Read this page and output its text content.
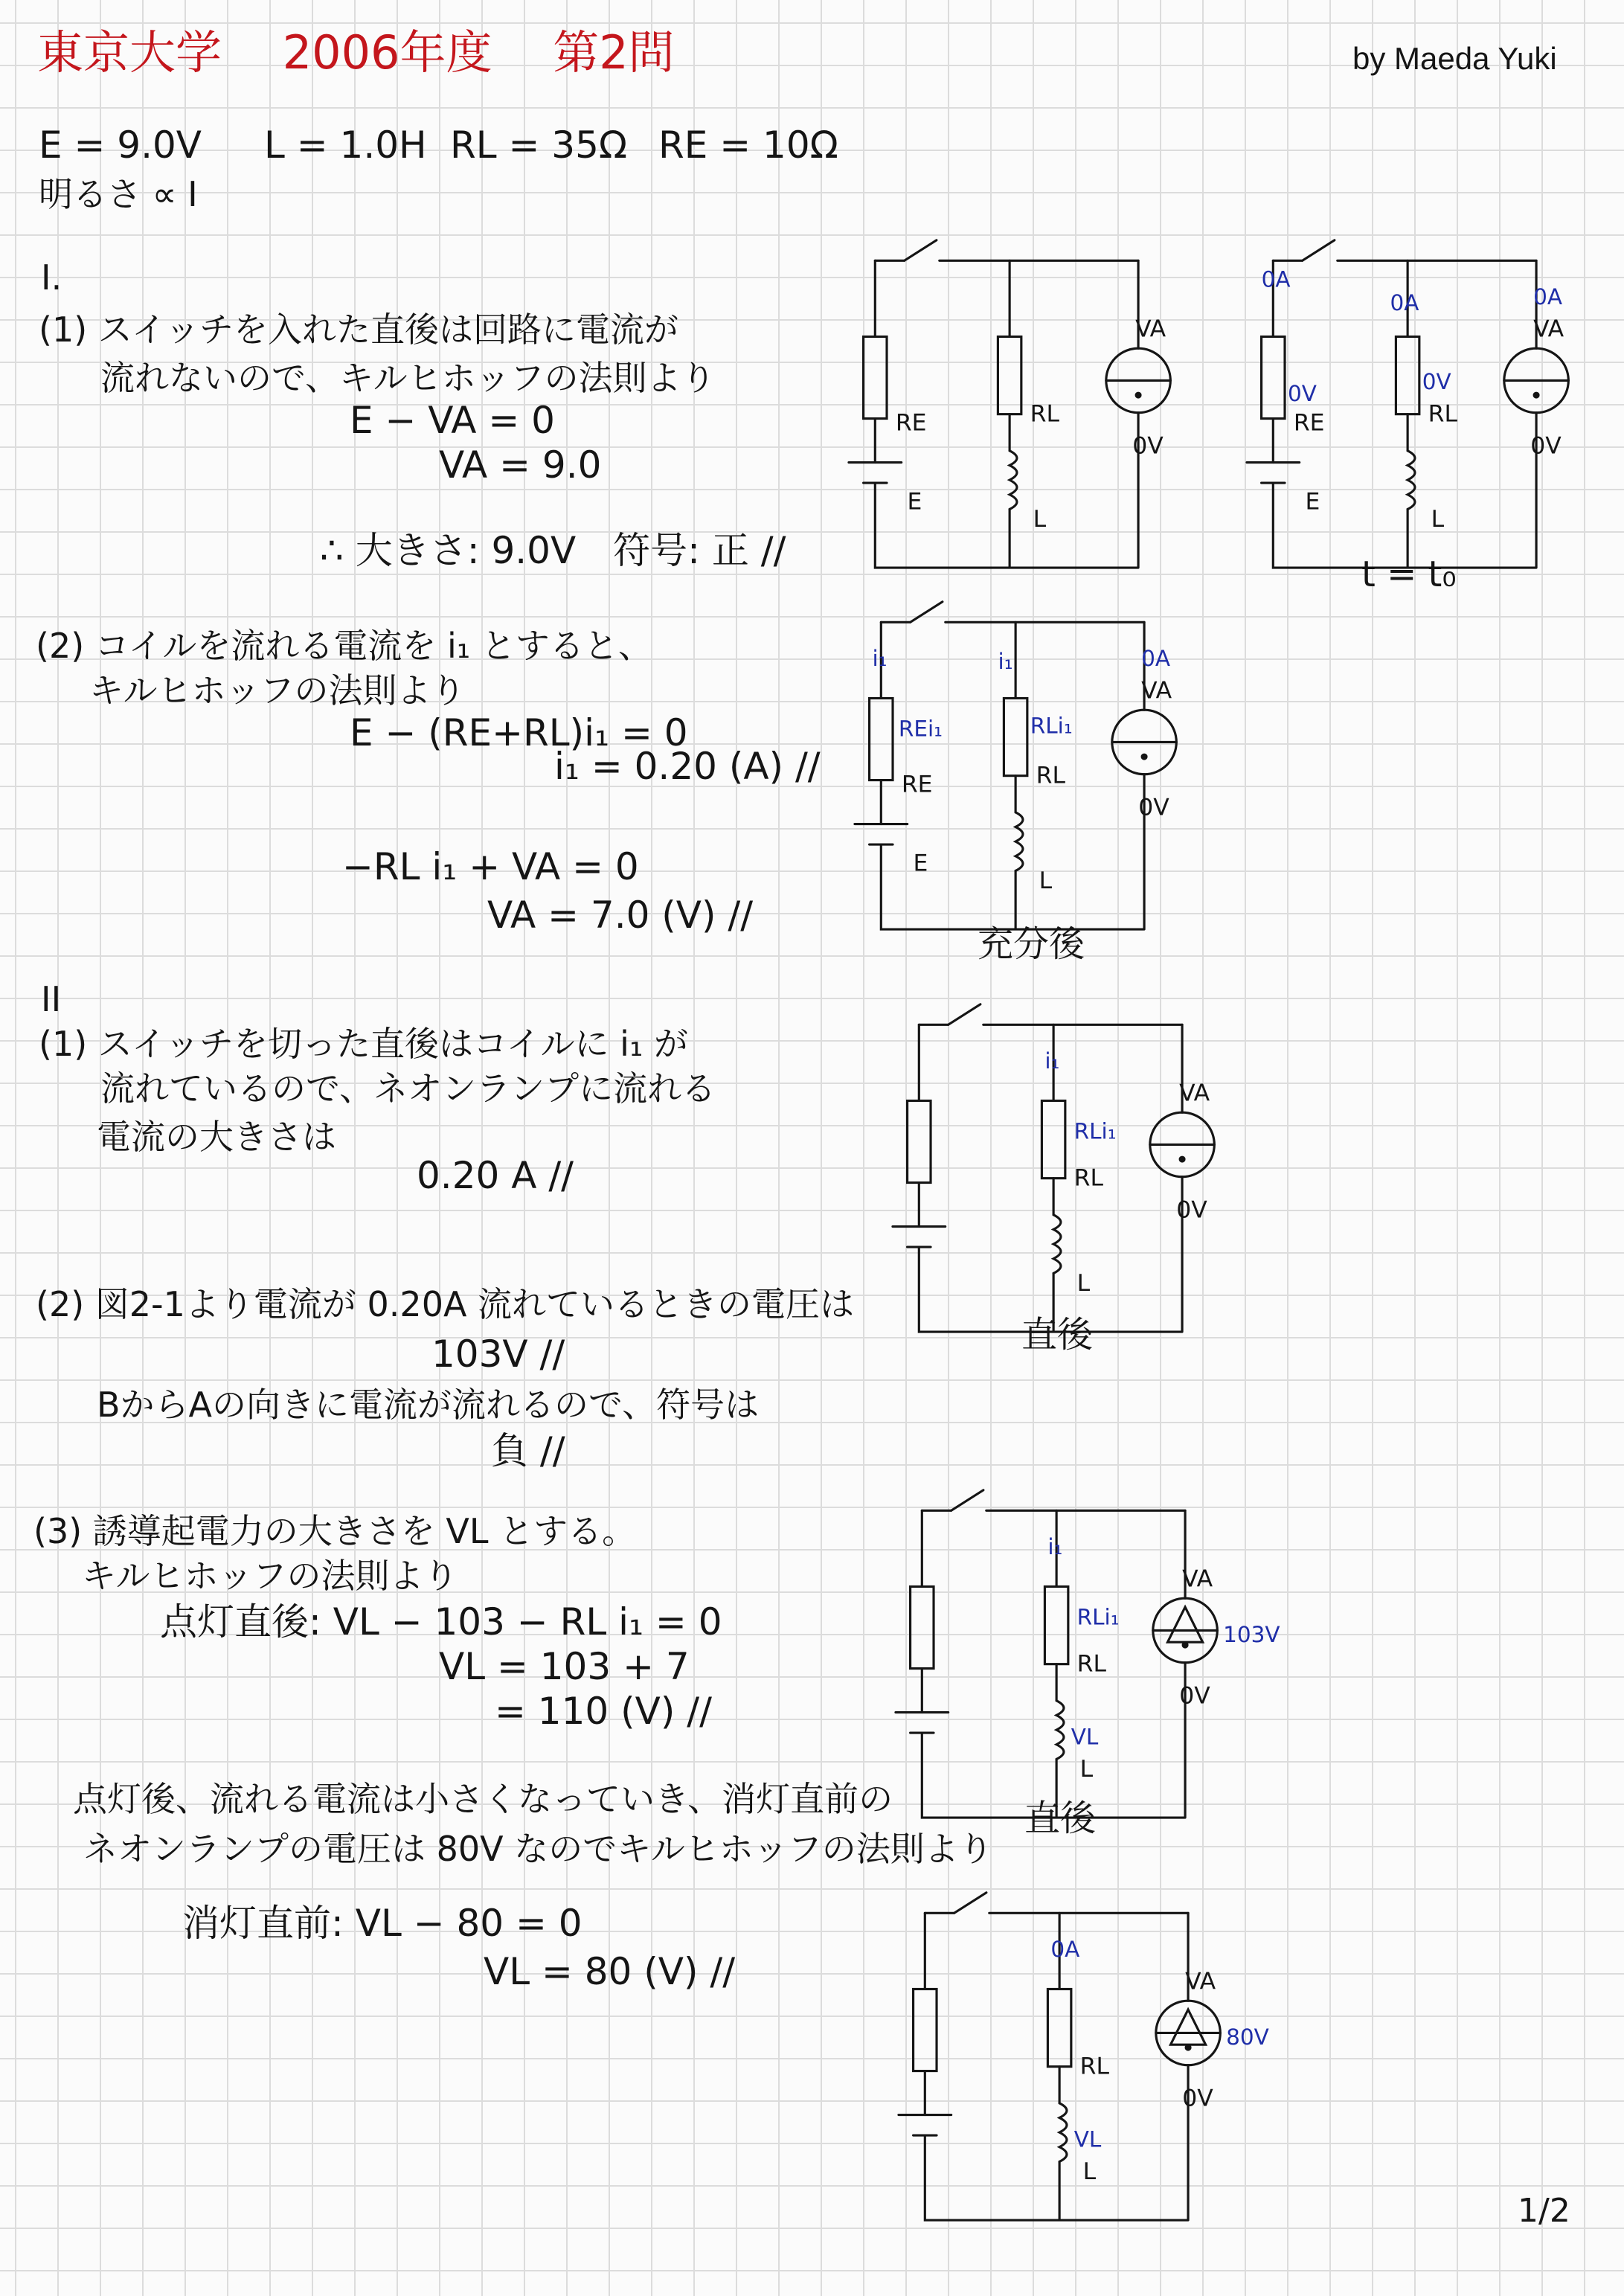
東京大学　 2006年度　 第2問	by Maeda Yuki
E = 9.0V L = 1.0H RL = 35Ω RE = 10Ω
明るさ ∝ I
I.
(1) スイッチを入れた直後は回路に電流が
流れないので、キルヒホッフの法則より
E − VA = 0
VA = 9.0
∴ 大きさ: 9.0V　符号: 正 //
(2) コイルを流れる電流を i₁ とすると、
キルヒホッフの法則より
E − (RE+RL)i₁ = 0
i₁ = 0.20 (A) //
−RL i₁ + VA = 0
VA = 7.0 (V) //
II
(1) スイッチを切った直後はコイルに i₁ が
流れているので、ネオンランプに流れる
電流の大きさは
0.20 A //
(2) 図2-1より電流が 0.20A 流れているときの電圧は
103V //
BからAの向きに電流が流れるので、符号は
負 //
(3) 誘導起電力の大きさを VL とする。
キルヒホッフの法則より
点灯直後: VL − 103 − RL i₁ = 0
VL = 103 + 7
= 110 (V) //
点灯後、流れる電流は小さくなっていき、消灯直前の
ネオンランプの電圧は 80V なのでキルヒホッフの法則より
消灯直前: VL − 80 = 0
VL = 80 (V) //
t = t₀
充分後
直後
直後
1/2
RE
E
RL
L
VA
0V
RE
E
RL
L
VA
0V
0A
0V
0A
0V
0A
RE
E
RL
L
VA
0V
i₁
REi₁
i₁
RLi₁
0A
RL
L
VA
0V
i₁
RLi₁
RL
L
VA
0V
i₁
RLi₁
VL
103V
RL
L
VA
0V
0A
VL
80V
